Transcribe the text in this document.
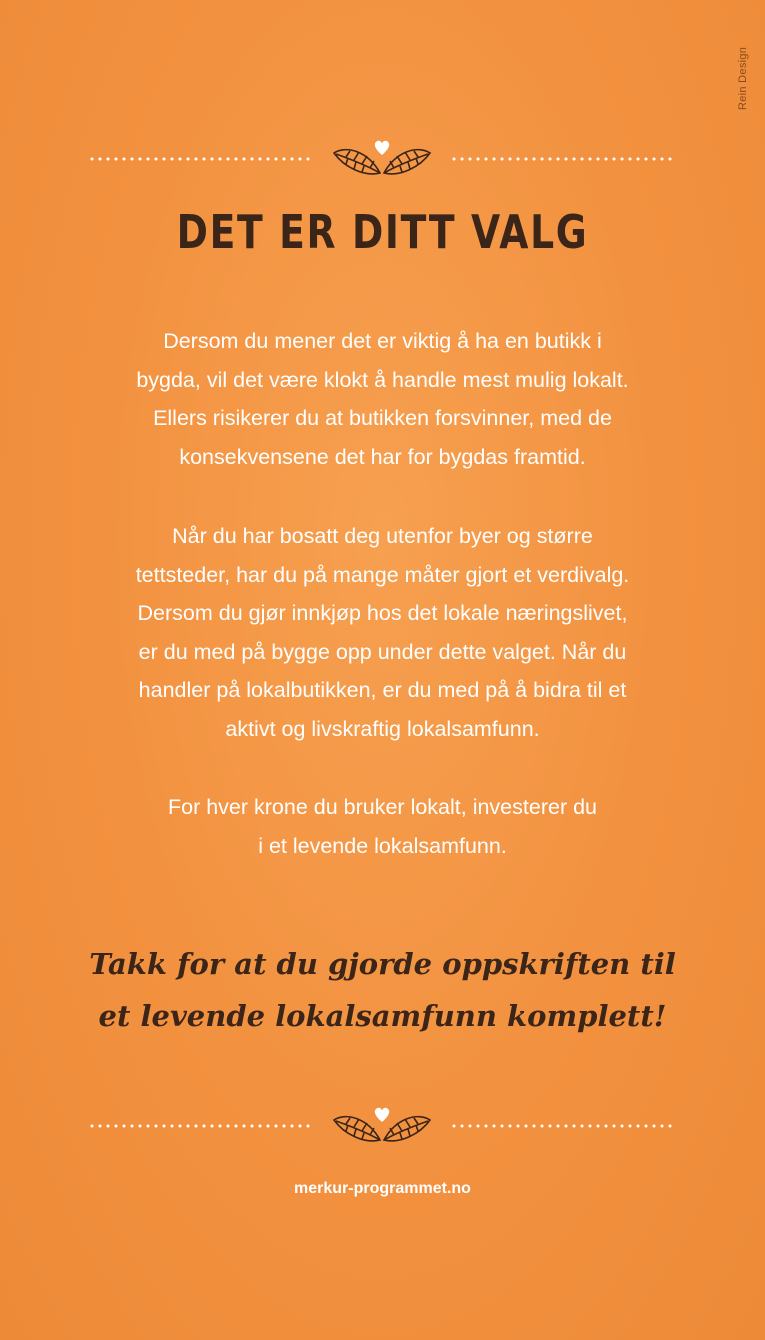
Rein Design
DET ER DITT VALG
Dersom du mener det er viktig å ha en butikk i
bygda, vil det være klokt å handle mest mulig lokalt.
Ellers risikerer du at butikken forsvinner, med de
konsekvensene det har for bygdas framtid.
Når du har bosatt deg utenfor byer og større
tettsteder, har du på mange måter gjort et verdivalg.
Dersom du gjør innkjøp hos det lokale næringslivet,
er du med på bygge opp under dette valget. Når du
handler på lokalbutikken, er du med på å bidra til et
aktivt og livskraftig lokalsamfunn.
For hver krone du bruker lokalt, investerer du
i et levende lokalsamfunn.
Takk for at du gjorde oppskriften til
et levende lokalsamfunn komplett!
merkur-programmet.no
